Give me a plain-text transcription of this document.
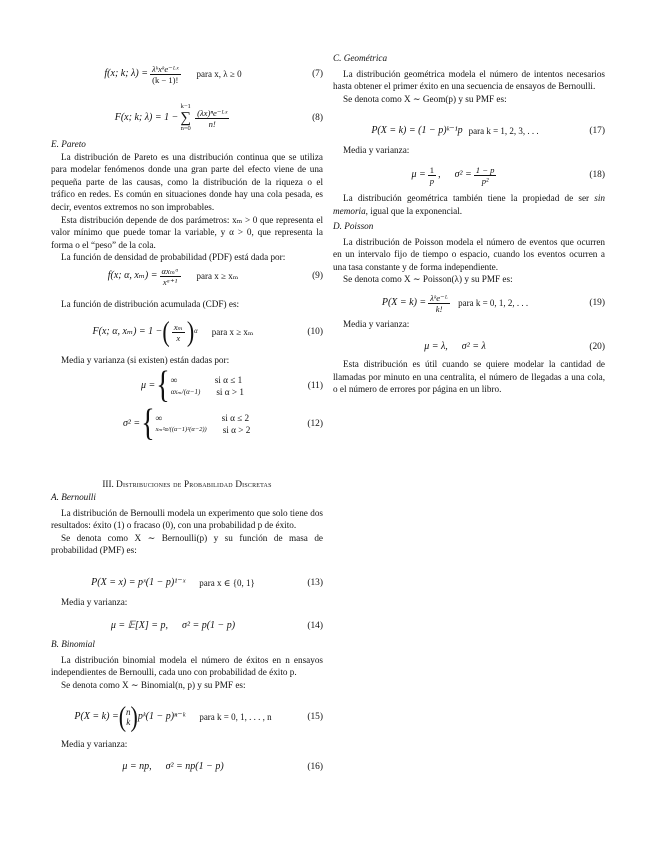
f(x; k; $\lambda) = \frac{\text{λᵏxᵏe⁻ᴸˣ}}{(k - 1)!}$ para x, λ ≥ 0	(7)
F(x; k; λ) = 1 −
k−1
∑
$n=0 \frac{\text{(λx)ⁿe⁻ᴸˣ}}{n!}$	(8)

E. Pareto

La distribución de Pareto es una distribución continua que se utiliza para modelar fenómenos donde una gran parte del efecto viene de una pequeña parte de las causas, como la distribución de la riqueza o el tráfico en redes. Es común en situaciones donde hay una cola pesada, es decir, eventos extremos no son improbables.

Esta distribución depende de dos parámetros: xₘ > 0 que representa el valor mínimo que puede tomar la variable, y α > 0, que representa la forma o el “peso” de la cola.

La función de densidad de probabilidad (PDF) está dada por:

f(x; α, $x_m) = \frac{\text{αxₘᵅ}}{\text{xᵅ⁺¹}}$ para x ≥ xₘ	(9)

La función de distribución acumulada (CDF) es:

F(x; α, xₘ) = 1 − ( $\frac{\text{xₘ}}{x}$ ) α para x ≥ xₘ	(10)

Media y varianza (si existen) están dadas por:

μ = { ∞	si α ≤ 1
αxₘ/(α−1) si α > 1
(11)
σ² = { ∞	si α ≤ 2
xₘ²α/((α−1)²(α−2)) si α > 2
(12)
III. Distribuciones de Probabilidad Discretas

A. Bernoulli

La distribución de Bernoulli modela un experimento que solo tiene dos resultados: éxito (1) o fracaso (0), con una probabilidad p de éxito.

Se denota como X ∼ Bernoulli(p) y su función de masa de probabilidad (PMF) es:

P(X = x) = pˣ(1 − p)¹⁻ˣ para x ∈ {0, 1}	(13)

Media y varianza:

μ = 𝔼[X] = p, σ² = p(1 − p)	(14)

B. Binomial

La distribución binomial modela el número de éxitos en n ensayos independientes de Bernoulli, cada uno con probabilidad de éxito p.

Se denota como X ∼ Binomial(n, p) y su PMF es:

P(X = k) = ( n
k ) pᵏ(1 − p)ⁿ⁻ᵏ para k = 0, 1, . . . , n	(15)

Media y varianza:

μ = np, σ² = np(1 − p)	(16)

C. Geométrica

La distribución geométrica modela el número de intentos necesarios hasta obtener el primer éxito en una secuencia de ensayos de Bernoulli.

Se denota como X ∼ Geom(p) y su PMF es:

P(X = k) = (1 − p)ᵏ⁻¹p para k = 1, 2, 3, . . .	(17)

Media y varianza:

$\mu = \frac{1}{p}$ , $\sigma^2 = \frac{1 - p}{\text{p²}}$	(18)

La distribución geométrica también tiene la propiedad de ser sin memoria, igual que la exponencial.

D. Poisson

La distribución de Poisson modela el número de eventos que ocurren en un intervalo fijo de tiempo o espacio, cuando los eventos ocurren a una tasa constante y de forma independiente.

Se denota como X ∼ Poisson(λ) y su PMF es:

$P(X = k) = \frac{\text{λᵏe⁻ᴸ}}{k!}$ para k = 0, 1, 2, . . .	(19)

Media y varianza:

μ = λ, σ² = λ	(20)

Esta distribución es útil cuando se quiere modelar la cantidad de llamadas por minuto en una centralita, el número de llegadas a una cola, o el número de errores por página en un libro.
